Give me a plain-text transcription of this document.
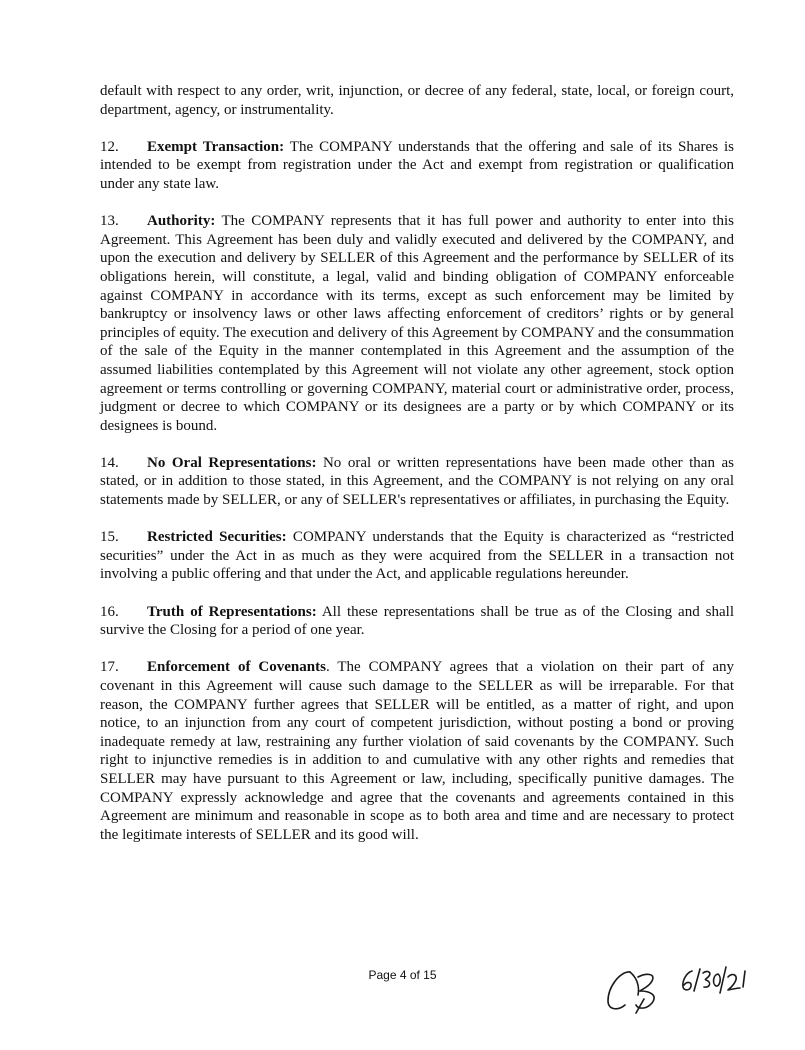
default with respect to any order, writ, injunction, or decree of any federal, state, local, or foreign court, department, agency, or instrumentality.

12. Exempt Transaction: The COMPANY understands that the offering and sale of its Shares is intended to be exempt from registration under the Act and exempt from registration or qualification under any state law.

13. Authority: The COMPANY represents that it has full power and authority to enter into this Agreement. This Agreement has been duly and validly executed and delivered by the COMPANY, and upon the execution and delivery by SELLER of this Agreement and the performance by SELLER of its obligations herein, will constitute, a legal, valid and binding obligation of COMPANY enforceable against COMPANY in accordance with its terms, except as such enforcement may be limited by bankruptcy or insolvency laws or other laws affecting enforcement of creditors’ rights or by general principles of equity. The execution and delivery of this Agreement by COMPANY and the consummation of the sale of the Equity in the manner contemplated in this Agreement and the assumption of the assumed liabilities contemplated by this Agreement will not violate any other agreement, stock option agreement or terms controlling or governing COMPANY, material court or administrative order, process, judgment or decree to which COMPANY or its designees are a party or by which COMPANY or its designees is bound.

14. No Oral Representations: No oral or written representations have been made other than as stated, or in addition to those stated, in this Agreement, and the COMPANY is not relying on any oral statements made by SELLER, or any of SELLER's representatives or affiliates, in purchasing the Equity.

15. Restricted Securities: COMPANY understands that the Equity is characterized as “restricted securities” under the Act in as much as they were acquired from the SELLER in a transaction not involving a public offering and that under the Act, and applicable regulations hereunder.

16. Truth of Representations: All these representations shall be true as of the Closing and shall survive the Closing for a period of one year.

17. Enforcement of Covenants. The COMPANY agrees that a violation on their part of any covenant in this Agreement will cause such damage to the SELLER as will be irreparable. For that reason, the COMPANY further agrees that SELLER will be entitled, as a matter of right, and upon notice, to an injunction from any court of competent jurisdiction, without posting a bond or proving inadequate remedy at law, restraining any further violation of said covenants by the COMPANY. Such right to injunctive remedies is in addition to and cumulative with any other rights and remedies that SELLER may have pursuant to this Agreement or law, including, specifically punitive damages. The COMPANY expressly acknowledge and agree that the covenants and agreements contained in this Agreement are minimum and reasonable in scope as to both area and time and are necessary to protect the legitimate interests of SELLER and its good will.

Page 4 of 15
